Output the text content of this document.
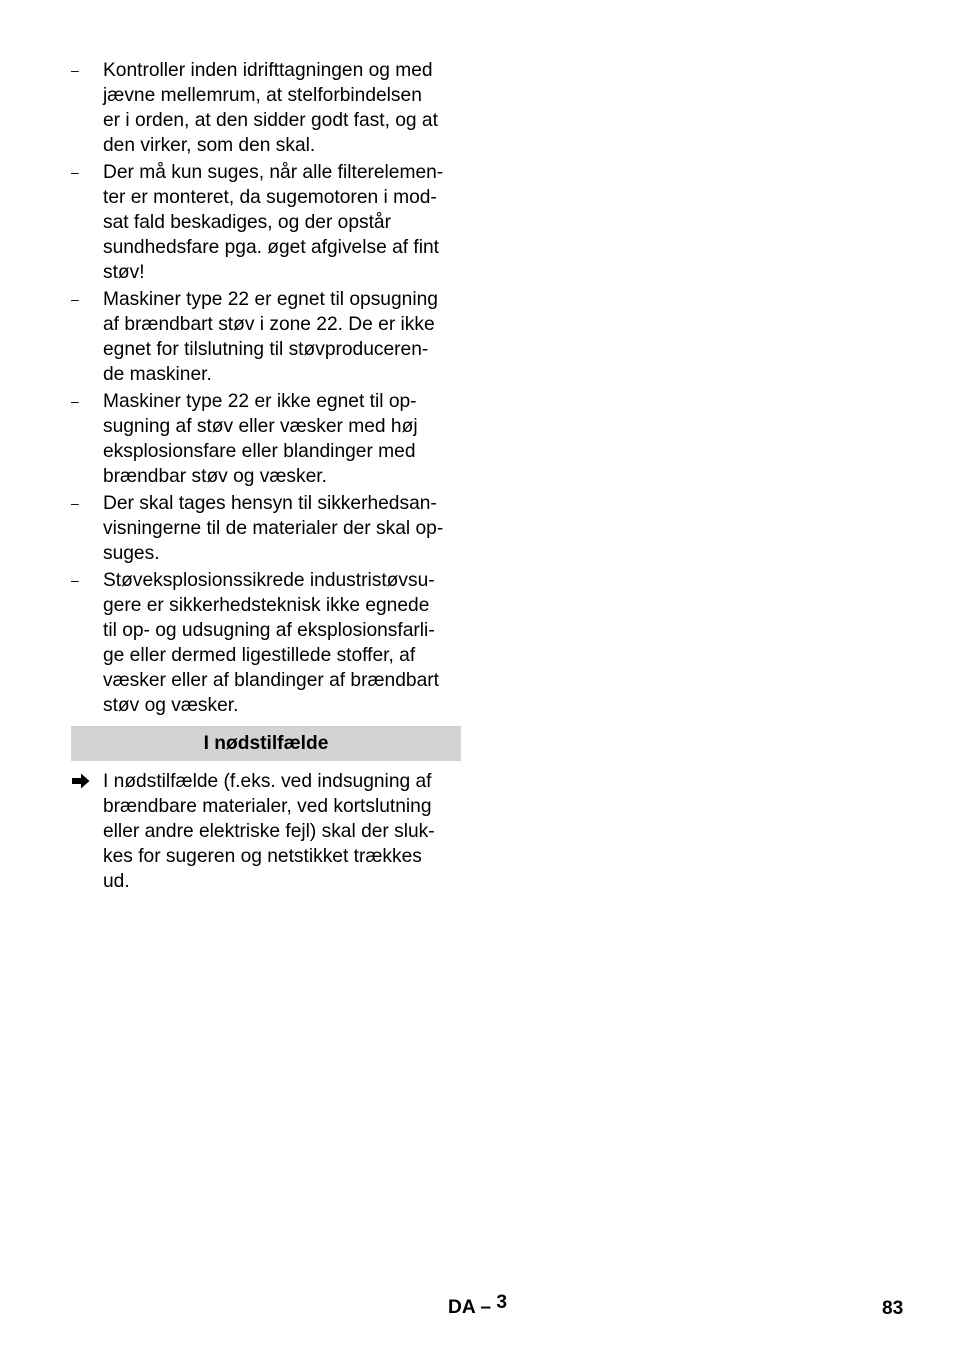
– Kontroller inden idrifttagningen og med
jævne mellemrum, at stelforbindelsen
er i orden, at den sidder godt fast, og at
den virker, som den skal.
– Der må kun suges, når alle filterelemen-
ter er monteret, da sugemotoren i mod-
sat fald beskadiges, og der opstår
sundhedsfare pga. øget afgivelse af fint
støv!
– Maskiner type 22 er egnet til opsugning
af brændbart støv i zone 22. De er ikke
egnet for tilslutning til støvproduceren-
de maskiner.
– Maskiner type 22 er ikke egnet til op-
sugning af støv eller væsker med høj
eksplosionsfare eller blandinger med
brændbar støv og væsker.
– Der skal tages hensyn til sikkerhedsan-
visningerne til de materialer der skal op-
suges.
– Støveksplosionssikrede industristøvsu-
gere er sikkerhedsteknisk ikke egnede
til op- og udsugning af eksplosionsfarli-
ge eller dermed ligestillede stoffer, af
væsker eller af blandinger af brændbart
støv og væsker.
I nødstilfælde
I nødstilfælde (f.eks. ved indsugning af
brændbare materialer, ved kortslutning
eller andre elektriske fejl) skal der sluk-
kes for sugeren og netstikket trækkes
ud.
DA – 3	83
